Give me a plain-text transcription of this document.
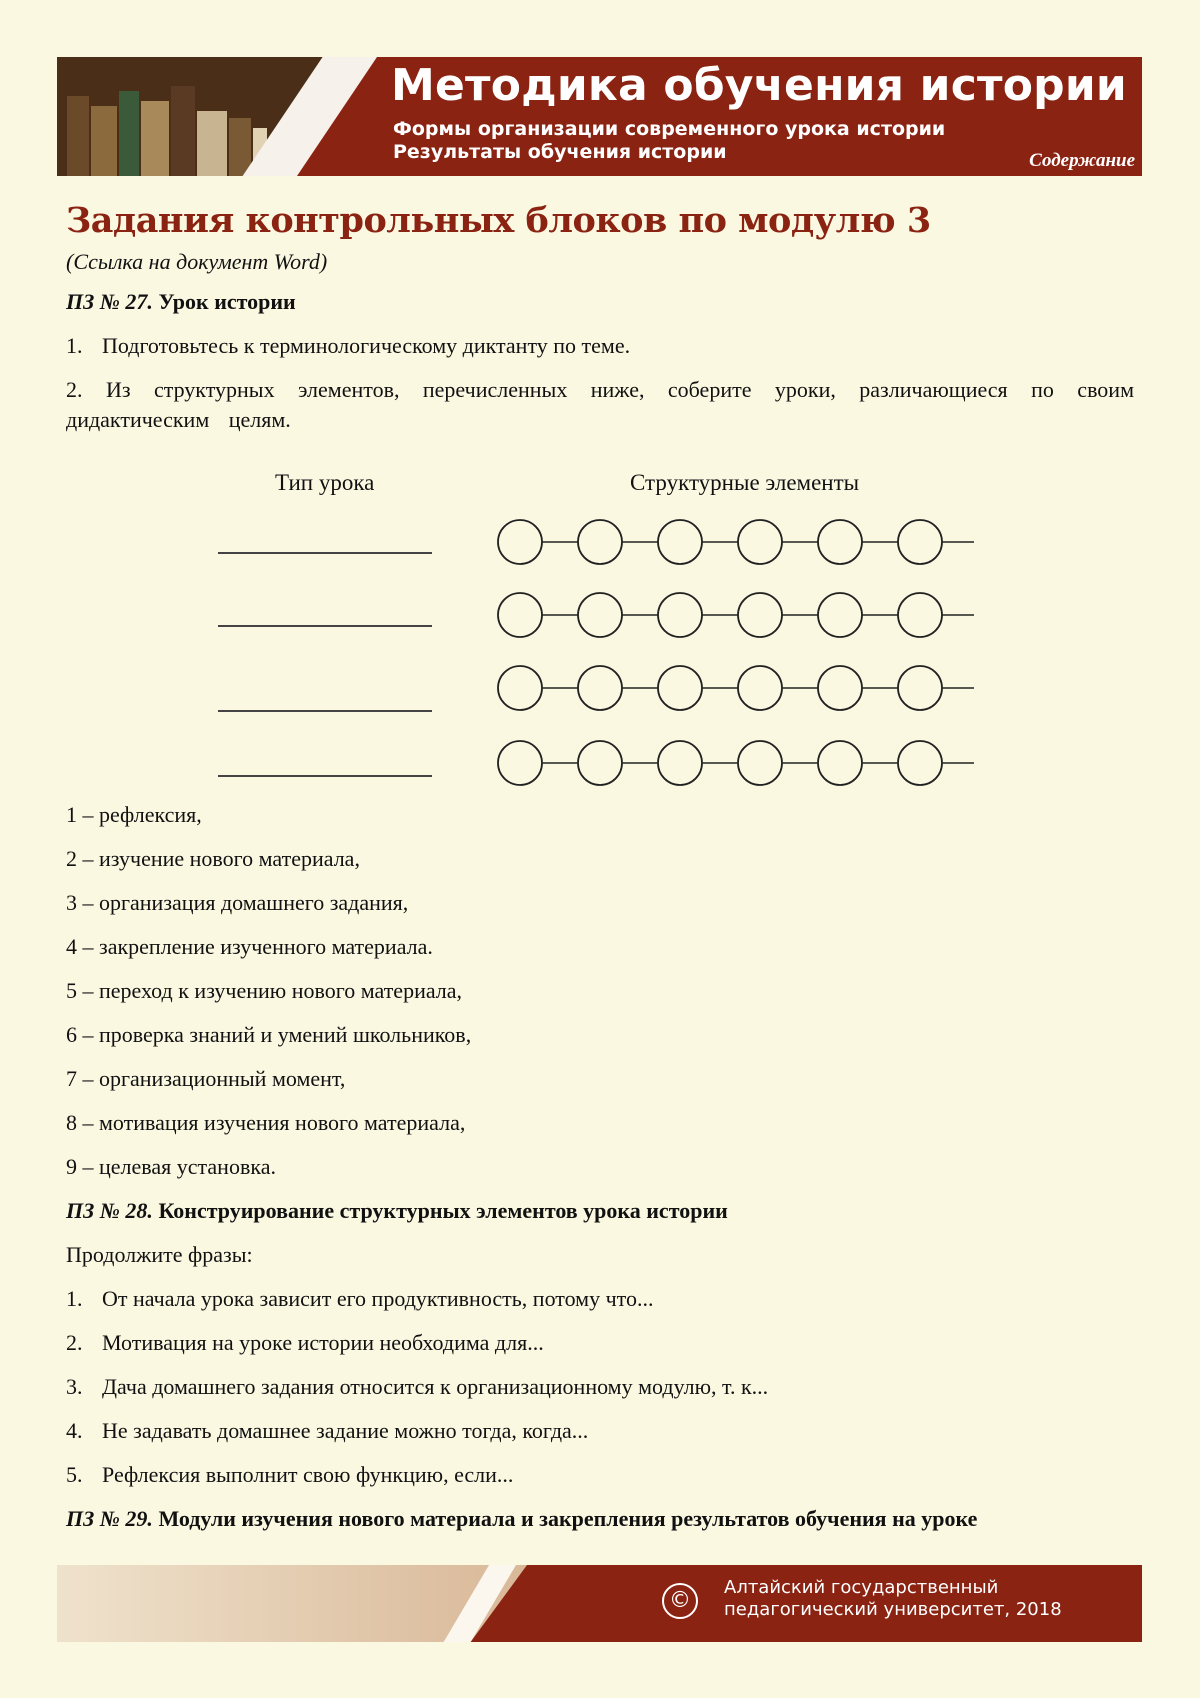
Методика обучения истории
Формы организации современного урока истории
Результаты обучения истории	Содержание
Задания контрольных блоков по модулю 3
(Ссылка на документ Word)

ПЗ № 27. Урок истории

1. Подготовьтесь к терминологическому диктанту по теме.

2. Из структурных элементов, перечисленных ниже, соберите уроки, различающиеся по своим дидактическим целям.

Тип урока	Структурные элементы
1 – рефлексия,
2 – изучение нового материала,
3 – организация домашнего задания,
4 – закрепление изученного материала.
5 – переход к изучению нового материала,
6 – проверка знаний и умений школьников,
7 – организационный момент,
8 – мотивация изучения нового материала,
9 – целевая установка.

ПЗ № 28. Конструирование структурных элементов урока истории

Продолжите фразы:

1. От начала урока зависит его продуктивность, потому что...
2. Мотивация на уроке истории необходима для...
3. Дача домашнего задания относится к организационному модулю, т. к...
4. Не задавать домашнее задание можно тогда, когда...
5. Рефлексия выполнит свою функцию, если...

ПЗ № 29. Модули изучения нового материала и закрепления результатов обучения на уроке

©
Алтайский государственный
педагогический университет, 2018
